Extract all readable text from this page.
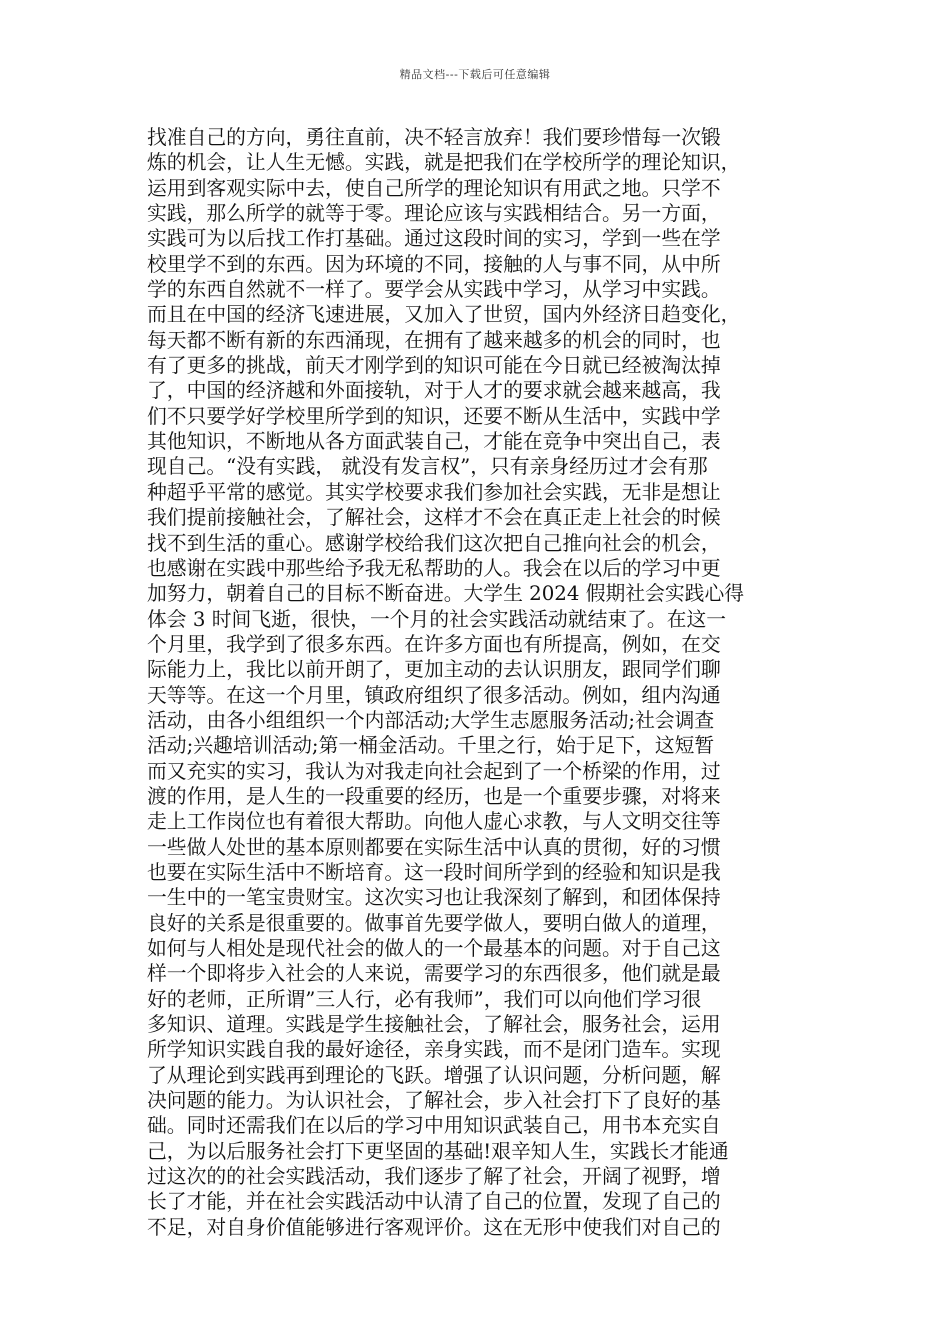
精品文档---下载后可任意编辑

找准自己的方向，勇往直前，决不轻言放弃！我们要珍惜每一次锻
炼的机会，让人生无憾。实践，就是把我们在学校所学的理论知识，
运用到客观实际中去，使自己所学的理论知识有用武之地。只学不
实践，那么所学的就等于零。理论应该与实践相结合。另一方面，
实践可为以后找工作打基础。通过这段时间的实习，学到一些在学
校里学不到的东西。因为环境的不同，接触的人与事不同，从中所
学的东西自然就不一样了。要学会从实践中学习，从学习中实践。
而且在中国的经济飞速进展，又加入了世贸，国内外经济日趋变化，
每天都不断有新的东西涌现，在拥有了越来越多的机会的同时，也
有了更多的挑战，前天才刚学到的知识可能在今日就已经被淘汰掉
了，中国的经济越和外面接轨，对于人才的要求就会越来越高，我
们不只要学好学校里所学到的知识，还要不断从生活中，实践中学
其他知识，不断地从各方面武装自己，才能在竞争中突出自己，表
现自己。“没有实践， 就没有发言权”，只有亲身经历过才会有那
种超乎平常的感觉。其实学校要求我们参加社会实践，无非是想让
我们提前接触社会，了解社会，这样才不会在真正走上社会的时候
找不到生活的重心。感谢学校给我们这次把自己推向社会的机会，
也感谢在实践中那些给予我无私帮助的人。我会在以后的学习中更
加努力，朝着自己的目标不断奋进。大学生 2024 假期社会实践心得
体会 3 时间飞逝，很快，一个月的社会实践活动就结束了。在这一
个月里，我学到了很多东西。在许多方面也有所提高，例如，在交
际能力上，我比以前开朗了，更加主动的去认识朋友，跟同学们聊
天等等。在这一个月里，镇政府组织了很多活动。例如，组内沟通
活动，由各小组组织一个内部活动;大学生志愿服务活动;社会调查
活动;兴趣培训活动;第一桶金活动。千里之行，始于足下，这短暂
而又充实的实习，我认为对我走向社会起到了一个桥梁的作用，过
渡的作用，是人生的一段重要的经历，也是一个重要步骤，对将来
走上工作岗位也有着很大帮助。向他人虚心求教，与人文明交往等
一些做人处世的基本原则都要在实际生活中认真的贯彻，好的习惯
也要在实际生活中不断培育。这一段时间所学到的经验和知识是我
一生中的一笔宝贵财宝。这次实习也让我深刻了解到，和团体保持
良好的关系是很重要的。做事首先要学做人，要明白做人的道理，
如何与人相处是现代社会的做人的一个最基本的问题。对于自己这
样一个即将步入社会的人来说，需要学习的东西很多，他们就是最
好的老师，正所谓”三人行，必有我师”，我们可以向他们学习很
多知识、道理。实践是学生接触社会，了解社会，服务社会，运用
所学知识实践自我的最好途径，亲身实践，而不是闭门造车。实现
了从理论到实践再到理论的飞跃。增强了认识问题，分析问题，解
决问题的能力。为认识社会，了解社会，步入社会打下了良好的基
础。同时还需我们在以后的学习中用知识武装自己，用书本充实自
己，为以后服务社会打下更坚固的基础!艰辛知人生，实践长才能通
过这次的的社会实践活动，我们逐步了解了社会，开阔了视野，增
长了才能，并在社会实践活动中认清了自己的位置，发现了自己的
不足，对自身价值能够进行客观评价。这在无形中使我们对自己的
